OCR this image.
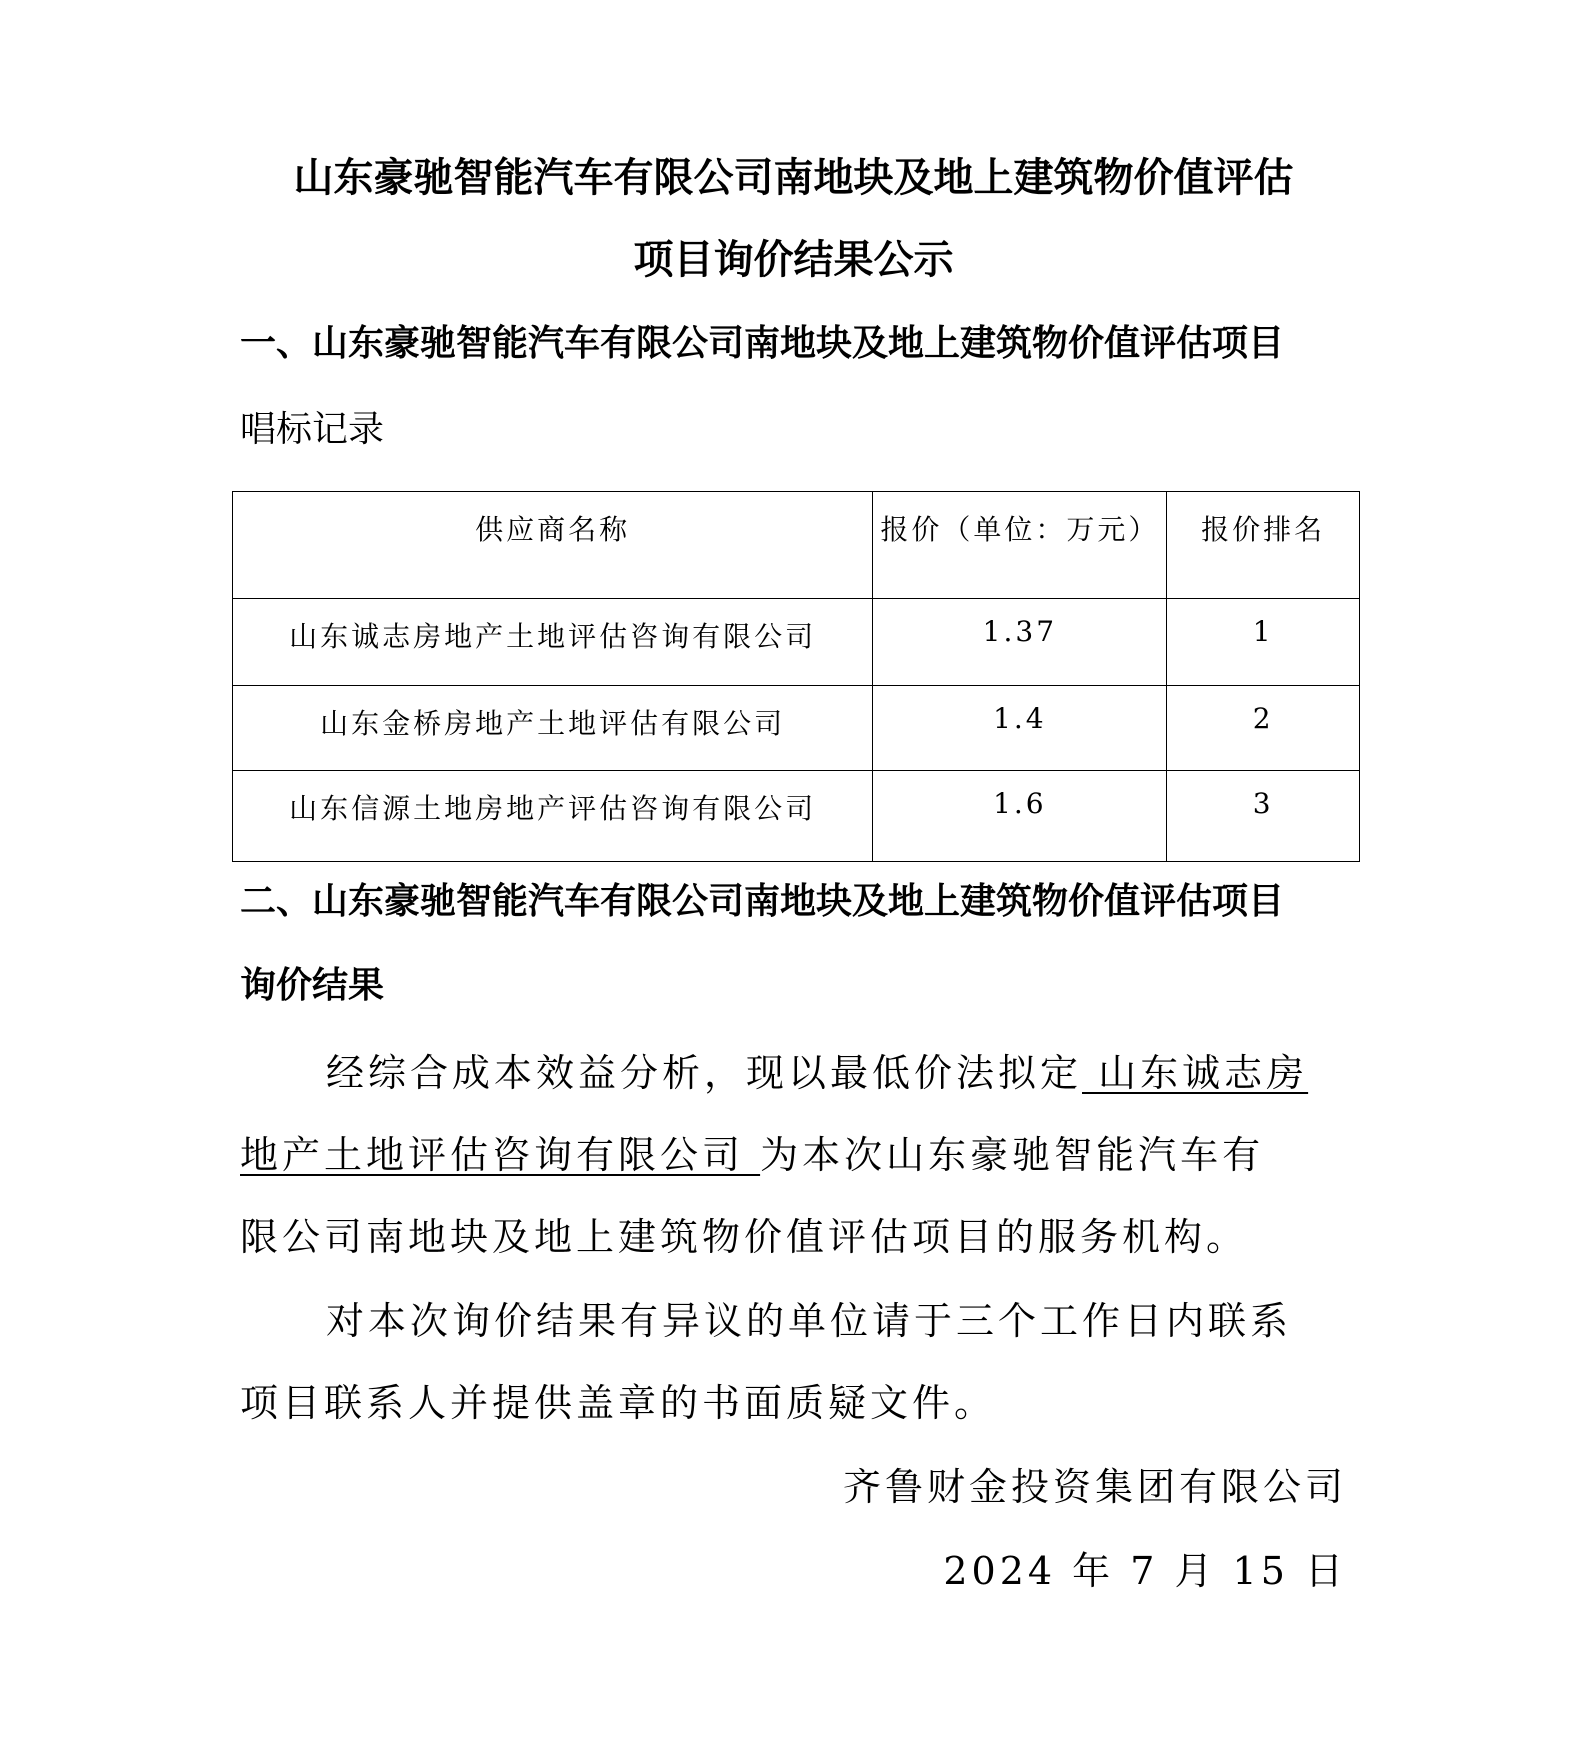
山东豪驰智能汽车有限公司南地块及地上建筑物价值评估
项目询价结果公示
一、山东豪驰智能汽车有限公司南地块及地上建筑物价值评估项目
唱标记录
供应商名称	报价（单位：万元）	报价排名
山东诚志房地产土地评估咨询有限公司	1.37	1
山东金桥房地产土地评估有限公司	1.4	2
山东信源土地房地产评估咨询有限公司	1.6	3
二、山东豪驰智能汽车有限公司南地块及地上建筑物价值评估项目
询价结果
经综合成本效益分析，现以最低价法拟定 山东诚志房
地产土地评估咨询有限公司 为本次山东豪驰智能汽车有
限公司南地块及地上建筑物价值评估项目的服务机构。
对本次询价结果有异议的单位请于三个工作日内联系
项目联系人并提供盖章的书面质疑文件。
齐鲁财金投资集团有限公司
2024 年 7 月 15 日
